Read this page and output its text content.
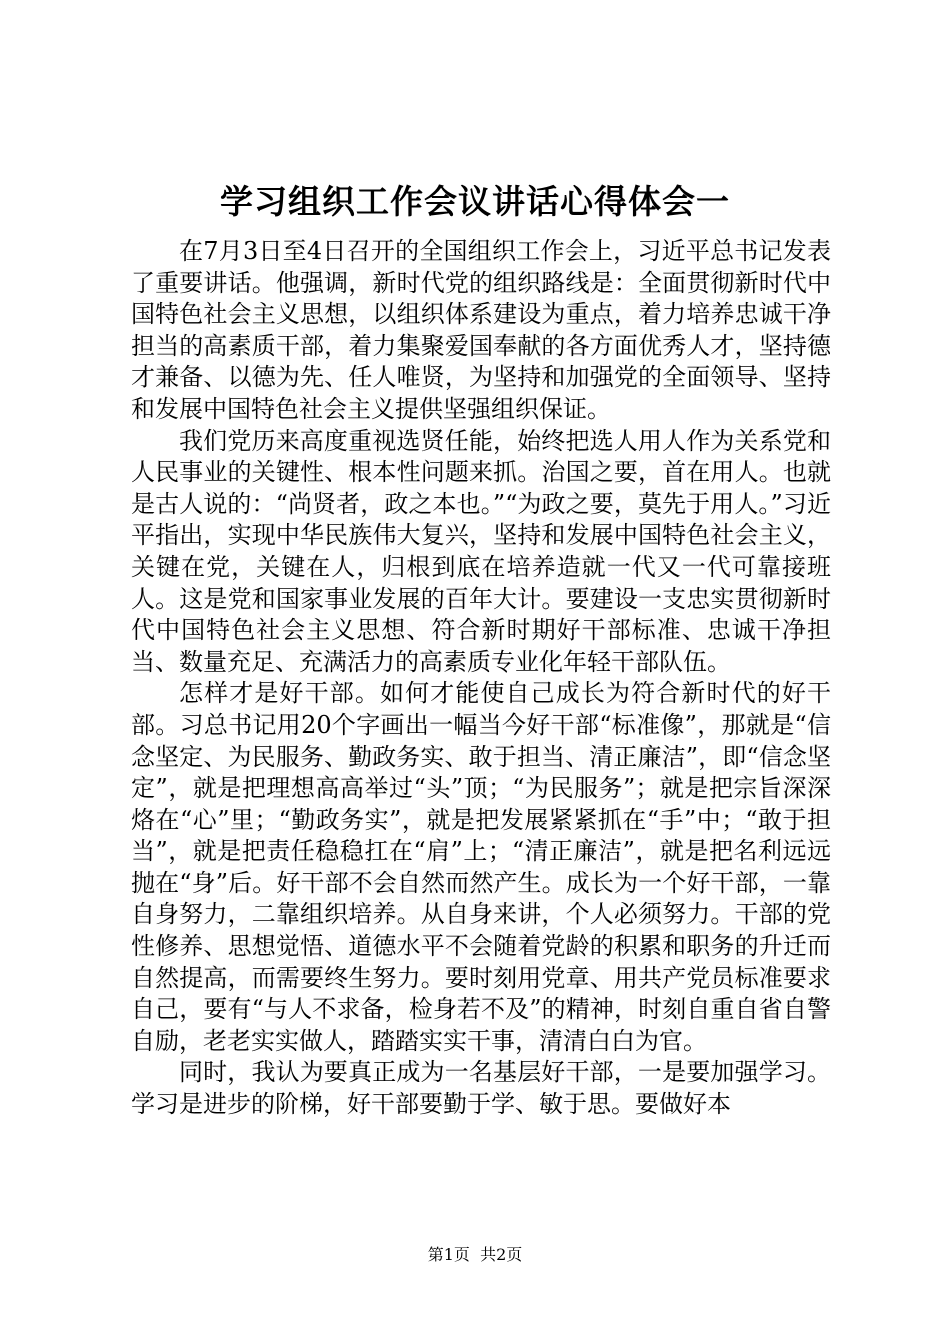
学习组织工作会议讲话心得体会一

在7月3日至4日召开的全国组织工作会上，习近平总书记发表了重要讲话。他强调，新时代党的组织路线是：全面贯彻新时代中国特色社会主义思想，以组织体系建设为重点，着力培养忠诚干净担当的高素质干部，着力集聚爱国奉献的各方面优秀人才，坚持德才兼备、以德为先、任人唯贤，为坚持和加强党的全面领导、坚持和发展中国特色社会主义提供坚强组织保证。

我们党历来高度重视选贤任能，始终把选人用人作为关系党和人民事业的关键性、根本性问题来抓。治国之要，首在用人。也就是古人说的：“尚贤者，政之本也。”“为政之要，莫先于用人。”习近平指出，实现中华民族伟大复兴，坚持和发展中国特色社会主义，关键在党，关键在人，归根到底在培养造就一代又一代可靠接班人。这是党和国家事业发展的百年大计。要建设一支忠实贯彻新时代中国特色社会主义思想、符合新时期好干部标准、忠诚干净担当、数量充足、充满活力的高素质专业化年轻干部队伍。

怎样才是好干部。如何才能使自己成长为符合新时代的好干部。习总书记用20个字画出一幅当今好干部“标准像”，那就是“信念坚定、为民服务、勤政务实、敢于担当、清正廉洁”，即“信念坚定”，就是把理想高高举过“头”顶；“为民服务”；就是把宗旨深深烙在“心”里；“勤政务实”，就是把发展紧紧抓在“手”中；“敢于担当”，就是把责任稳稳扛在“肩”上；“清正廉洁”，就是把名利远远抛在“身”后。好干部不会自然而然产生。成长为一个好干部，一靠自身努力，二靠组织培养。从自身来讲，个人必须努力。干部的党性修养、思想觉悟、道德水平不会随着党龄的积累和职务的升迁而自然提高，而需要终生努力。要时刻用党章、用共产党员标准要求自己，要有“与人不求备，检身若不及”的精神，时刻自重自省自警自励，老老实实做人，踏踏实实干事，清清白白为官。

同时，我认为要真正成为一名基层好干部，一是要加强学习。学习是进步的阶梯，好干部要勤于学、敏于思。要做好本

第1页 共2页
